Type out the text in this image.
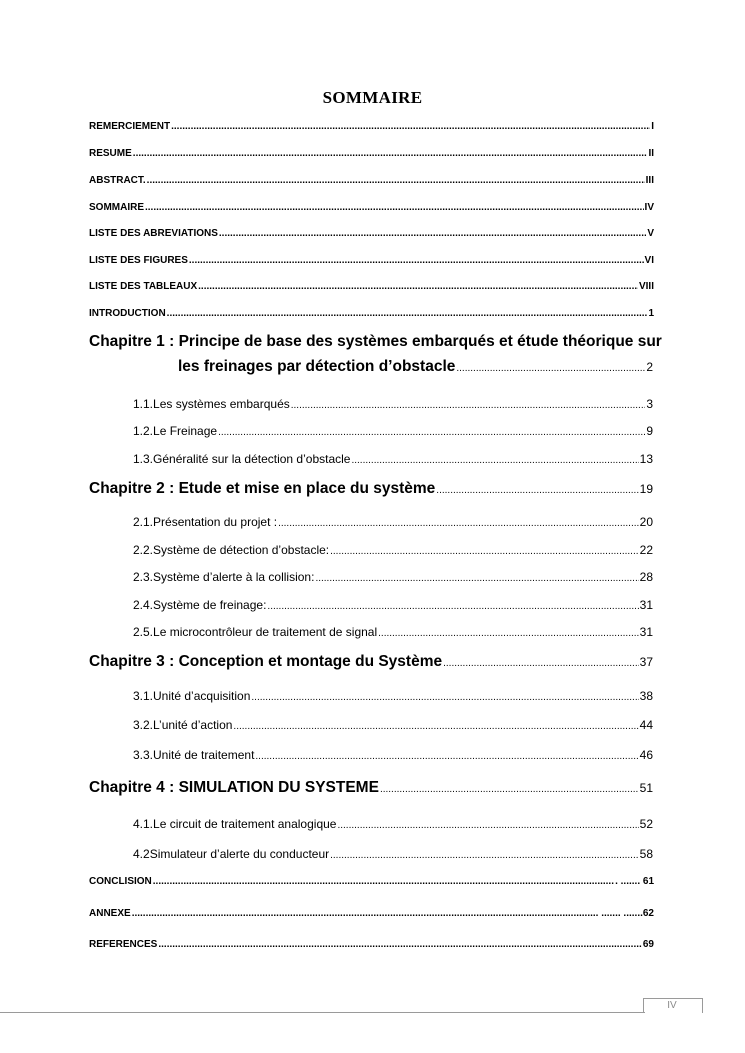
SOMMAIRE
REMERCIEMENT .....	I
RESUME .....	II
ABSTRACT. .....	III
SOMMAIRE .....	IV
LISTE DES ABREVIATIONS .....	V
LISTE DES FIGURES .....	VI
LISTE DES TABLEAUX .....	VIII
INTRODUCTION .....	1
Chapitre 1 : Principe de base des systèmes embarqués et étude théorique sur
les freinages par détection d’obstacle .....	2
1.1. Les systèmes embarqués .....	3
1.2. Le Freinage .....	9
1.3. Généralité sur la détection d’obstacle .....	13
Chapitre 2 : Etude et mise en place du système .....	19
2.1. Présentation du projet : .....	20
2.2. Système de détection d’obstacle: .....	22
2.3. Système d’alerte à la collision: .....	28
2.4. Système de freinage: .....	31
2.5. Le microcontrôleur de traitement de signal .....	31
Chapitre 3 : Conception et montage du Système .....	37
3.1. Unité d’acquisition .....	38
3.2. L’unité d’action .....	44
3.3. Unité de traitement .....	46
Chapitre 4 : SIMULATION DU SYSTEME .....	51
4.1. Le circuit de traitement analogique .....	52
4.2 Simulateur d’alerte du conducteur .....	58
CONCLISION .....	. ....... 61
ANNEXE .....	. ....... .......62
REFERENCES .....	69
IV
